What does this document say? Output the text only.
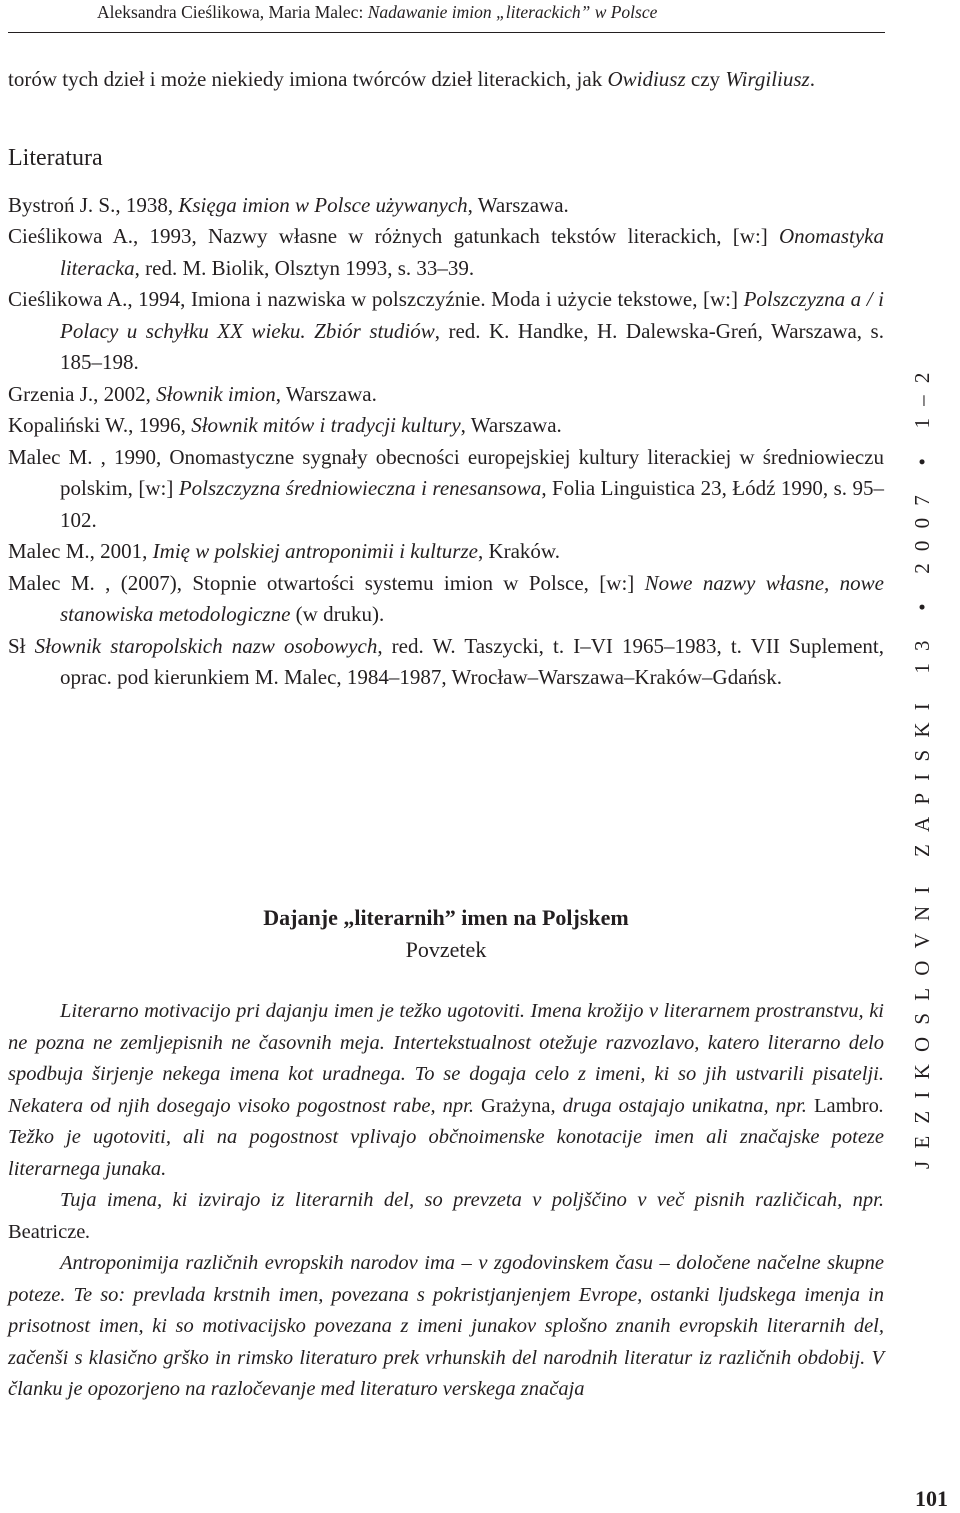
Aleksandra Cieślikowa, Maria Malec: Nadawanie imion „literackich” w Polsce

torów tych dzieł i może niekiedy imiona twórców dzieł literackich, jak Owidiusz czy Wirgiliusz.

Literatura

Bystroń J. S., 1938, Księga imion w Polsce używanych, Warszawa.

Cieślikowa A., 1993, Nazwy własne w różnych gatunkach tekstów literackich, [w:] Onomastyka literacka, red. M. Biolik, Olsztyn 1993, s. 33–39.

Cieślikowa A., 1994, Imiona i nazwiska w polszczyźnie. Moda i użycie tekstowe, [w:] Polszczyzna a / i Polacy u schyłku XX wieku. Zbiór studiów, red. K. Handke, H. Dalewska-Greń, Warszawa, s. 185–198.

Grzenia J., 2002, Słownik imion, Warszawa.

Kopaliński W., 1996, Słownik mitów i tradycji kultury, Warszawa.

Malec M. , 1990, Onomastyczne sygnały obecności europejskiej kultury literackiej w średniowieczu polskim, [w:] Polszczyzna średniowieczna i renesansowa, Folia Linguistica 23, Łódź 1990, s. 95–102.

Malec M., 2001, Imię w polskiej antroponimii i kulturze, Kraków.

Malec M. , (2007), Stopnie otwartości systemu imion w Polsce, [w:] Nowe nazwy własne, nowe stanowiska metodologiczne (w druku).

Sł Słownik staropolskich nazw osobowych, red. W. Taszycki, t. I–VI 1965–1983, t. VII Suplement, oprac. pod kierunkiem M. Malec, 1984–1987, Wrocław–Warszawa–Kraków–Gdańsk.

Dajanje „literarnih” imen na Poljskem
Povzetek

Literarno motivacijo pri dajanju imen je težko ugotoviti. Imena krožijo v literarnem prostranstvu, ki ne pozna ne zemljepisnih ne časovnih meja. Intertekstualnost otežuje razvozlavo, katero literarno delo spodbuja širjenje nekega imena kot uradnega. To se dogaja celo z imeni, ki so jih ustvarili pisatelji. Nekatera od njih dosegajo visoko pogostnost rabe, npr. Grażyna, druga ostajajo unikatna, npr. Lambro. Težko je ugotoviti, ali na pogostnost vplivajo občnoimenske konotacije imen ali značajske poteze literarnega junaka.

Tuja imena, ki izvirajo iz literarnih del, so prevzeta v poljščino v več pisnih različicah, npr. Beatricze.

Antroponimija različnih evropskih narodov ima – v zgodovinskem času – določene načelne skupne poteze. Te so: prevlada krstnih imen, povezana s pokristjanjenjem Evrope, ostanki ljudskega imenja in prisotnost imen, ki so motivacijsko povezana z imeni junakov splošno znanih evropskih literarnih del, začenši s klasično grško in rimsko literaturo prek vrhunskih del narodnih literatur iz različnih obdobij. V članku je opozorjeno na razločevanje med literaturo verskega značaja

JEZIKOSLOVNI ZAPISKI 13 • 2007 • 1–2
101
